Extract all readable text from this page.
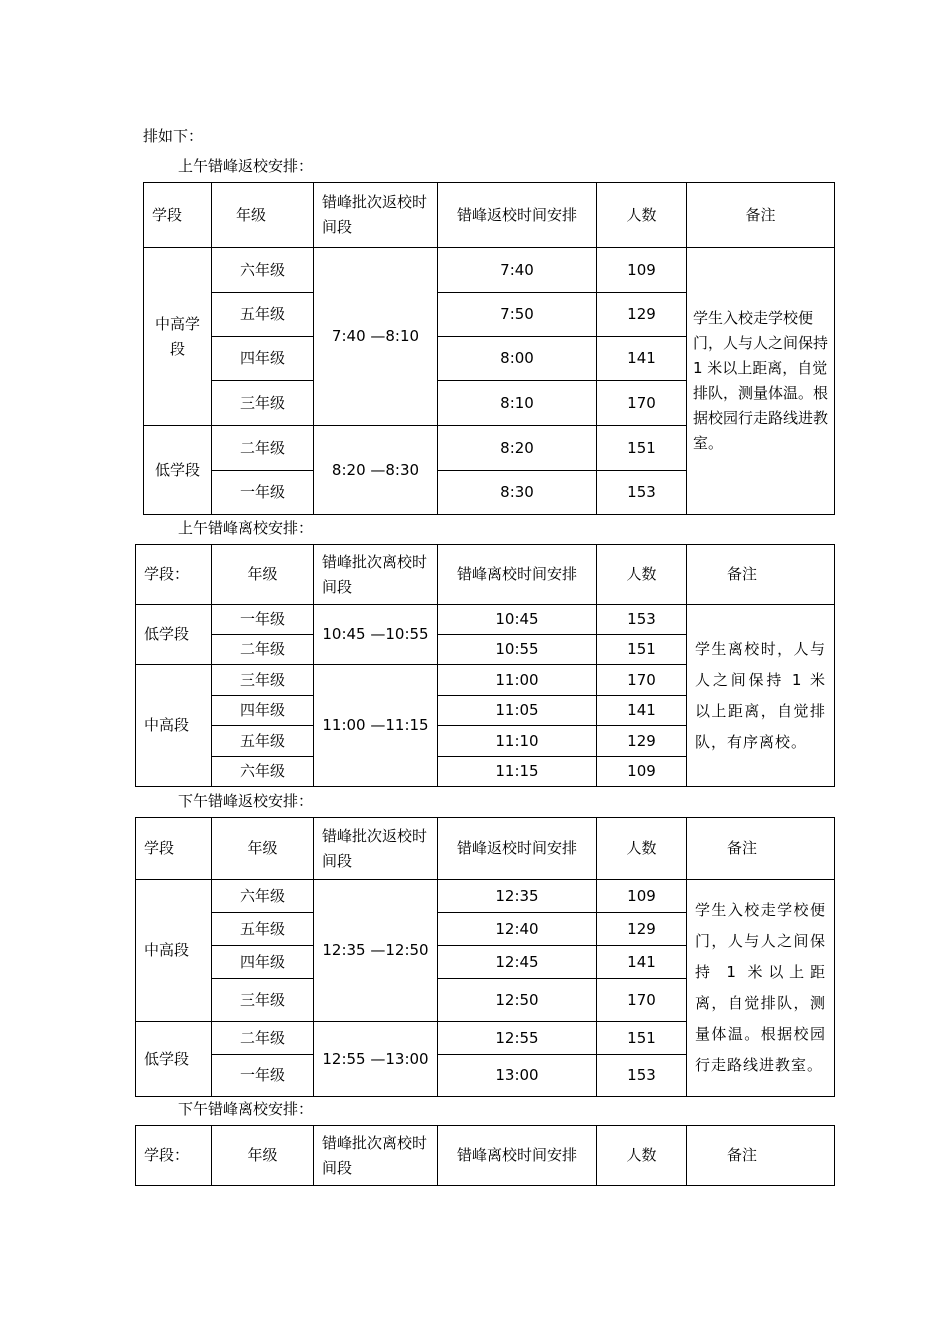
排如下：
上午错峰返校安排：
学段	年级	错峰批次返校时间段	错峰返校时间安排	人数	备注
中高学段	六年级	7:40 —8:10	7:40	109	学生入校走学校便门，人与人之间保持 1 米以上距离，自觉排队，测量体温。根据校园行走路线进教室。
	五年级		7:50	129	
	四年级		8:00	141	
	三年级		8:10	170	
低学段	二年级	8:20 —8:30	8:20	151	
	一年级		8:30	153	
上午错峰离校安排：
学段：	年级	错峰批次离校时间段	错峰离校时间安排	人数	备注
低学段	一年级	10:45 —10:55	10:45	153	学生离校时，人与人之间保持 1 米以上距离，自觉排队，有序离校。
	二年级		10:55	151	
中高段	三年级	11:00 —11:15	11:00	170	
	四年级		11:05	141	
	五年级		11:10	129	
	六年级		11:15	109	
下午错峰返校安排：
学段	年级	错峰批次返校时间段	错峰返校时间安排	人数	备注
中高段	六年级	12:35 —12:50	12:35	109	学生入校走学校便门，人与人之间保持 1 米以上距离，自觉排队，测量体温。根据校园行走路线进教室。
	五年级		12:40	129	
	四年级		12:45	141	
	三年级		12:50	170	
低学段	二年级	12:55 —13:00	12:55	151	
	一年级		13:00	153	
下午错峰离校安排：
学段：	年级	错峰批次离校时间段	错峰离校时间安排	人数	备注
